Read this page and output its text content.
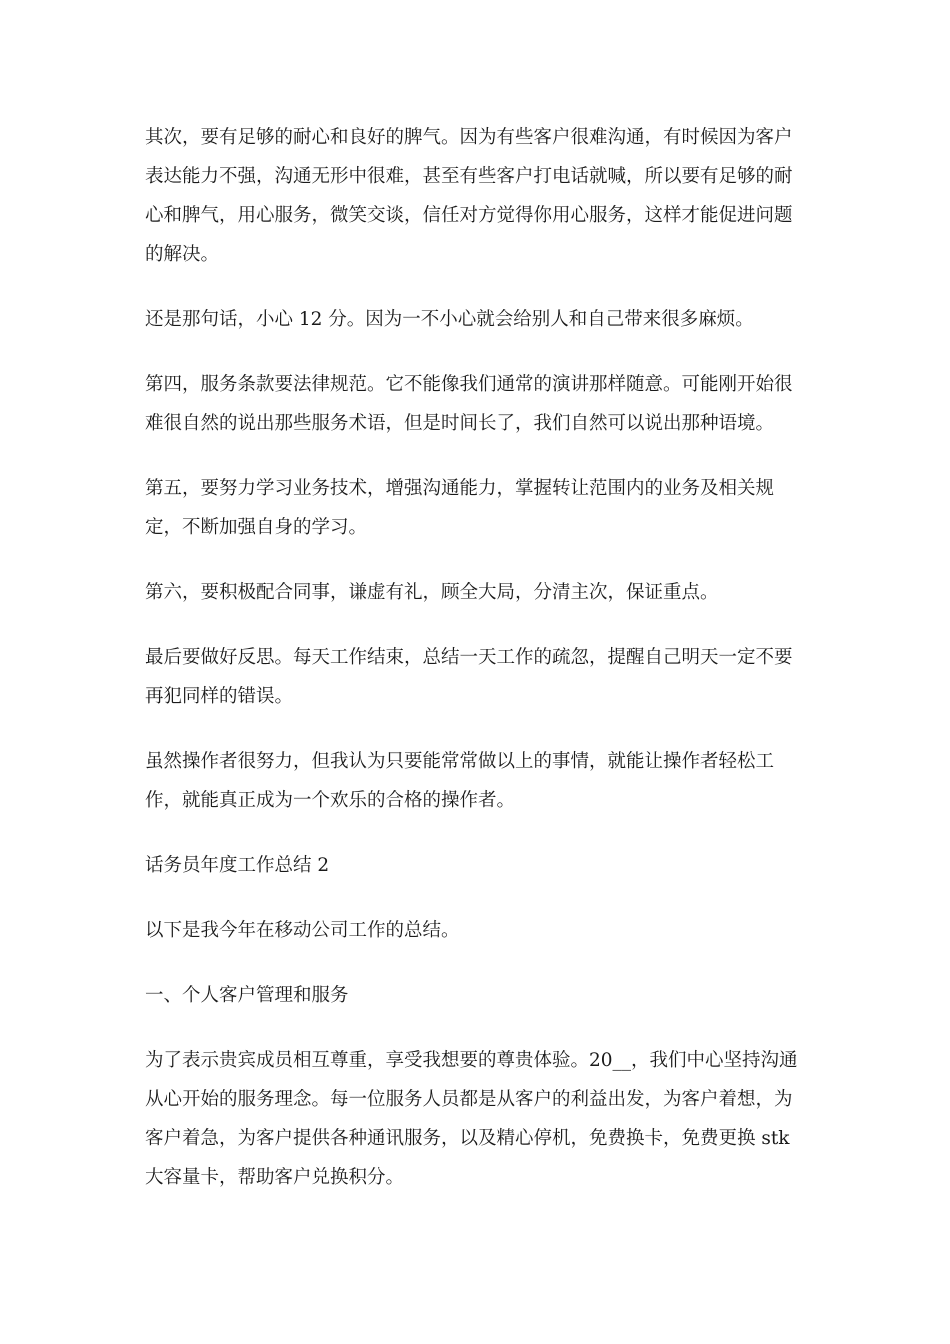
其次，要有足够的耐心和良好的脾气。因为有些客户很难沟通，有时候因为客户表达能力不强，沟通无形中很难，甚至有些客户打电话就喊，所以要有足够的耐心和脾气，用心服务，微笑交谈，信任对方觉得你用心服务，这样才能促进问题的解决。

还是那句话，小心 12 分。因为一不小心就会给别人和自己带来很多麻烦。

第四，服务条款要法律规范。它不能像我们通常的演讲那样随意。可能刚开始很难很自然的说出那些服务术语，但是时间长了，我们自然可以说出那种语境。

第五，要努力学习业务技术，增强沟通能力，掌握转让范围内的业务及相关规定，不断加强自身的学习。

第六，要积极配合同事，谦虚有礼，顾全大局，分清主次，保证重点。

最后要做好反思。每天工作结束，总结一天工作的疏忽，提醒自己明天一定不要再犯同样的错误。

虽然操作者很努力，但我认为只要能常常做以上的事情，就能让操作者轻松工作，就能真正成为一个欢乐的合格的操作者。

话务员年度工作总结 2

以下是我今年在移动公司工作的总结。

一、个人客户管理和服务

为了表示贵宾成员相互尊重，享受我想要的尊贵体验。20__，我们中心坚持沟通从心开始的服务理念。每一位服务人员都是从客户的利益出发，为客户着想，为客户着急，为客户提供各种通讯服务，以及精心停机，免费换卡，免费更换 stk 大容量卡，帮助客户兑换积分。
